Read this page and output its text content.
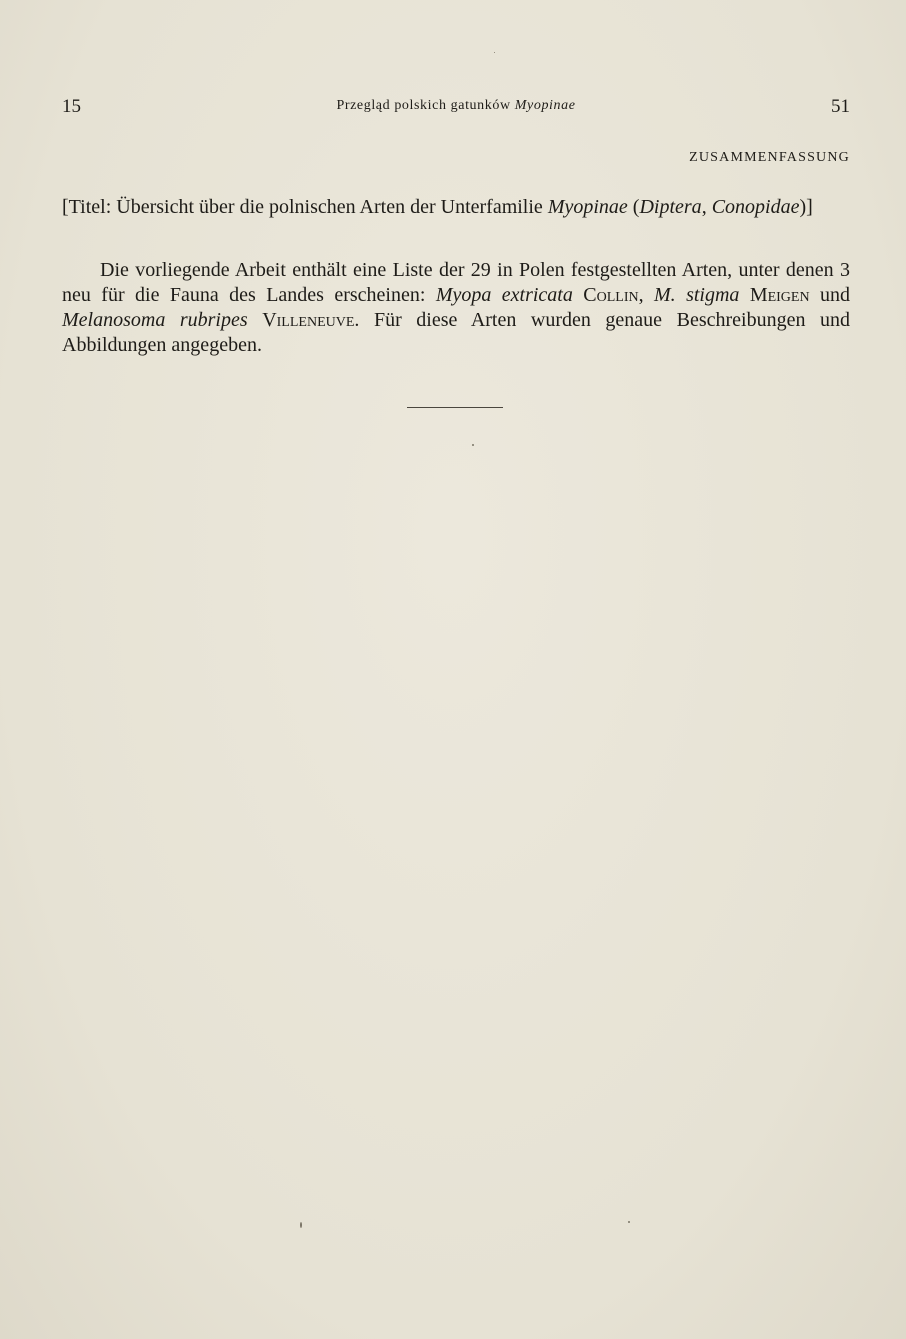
15	Przegląd polskich gatunków Myopinae	51
ZUSAMMENFASSUNG

[Titel: Übersicht über die polnischen Arten der Unterfamilie Myopinae (Diptera, Conopidae)]

Die vorliegende Arbeit enthält eine Liste der 29 in Polen festgestellten Arten, unter denen 3 neu für die Fauna des Landes erscheinen: Myopa extricata Collin, M. stigma Meigen und Melanosoma rubripes Villeneuve. Für diese Arten wurden genaue Beschreibungen und Abbildungen angegeben.
